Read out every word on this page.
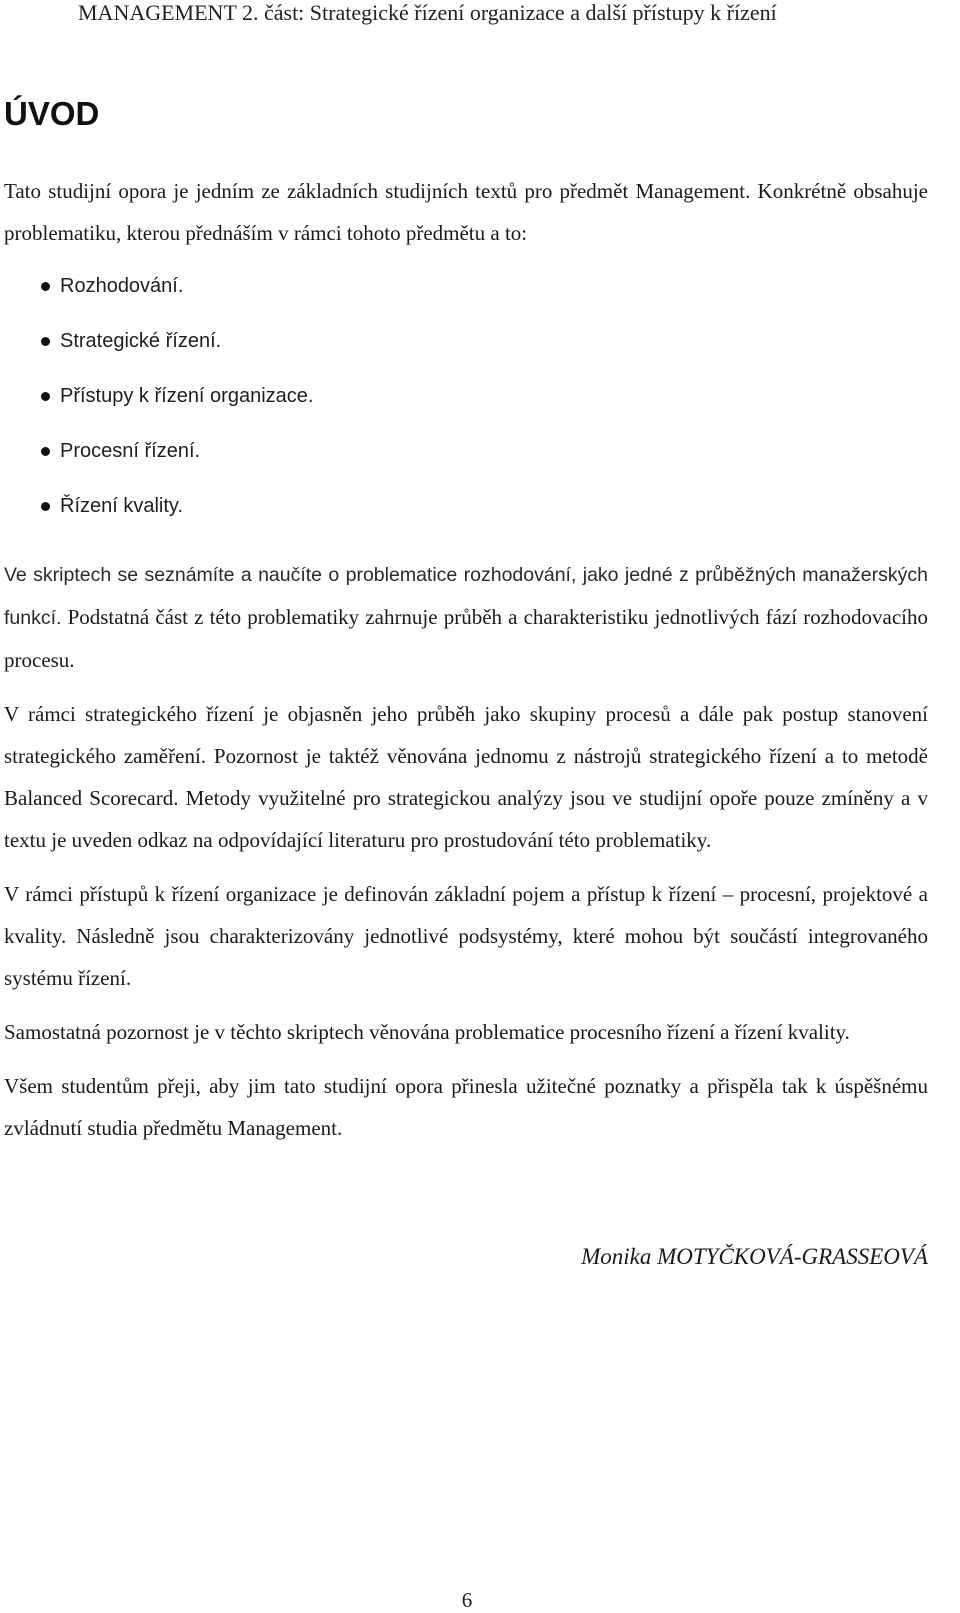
MANAGEMENT 2. část: Strategické řízení organizace a další přístupy k řízení
ÚVOD

Tato studijní opora je jedním ze základních studijních textů pro předmět Management. Konkrétně obsahuje problematiku, kterou přednáším v rámci tohoto předmětu a to:

Rozhodování.
Strategické řízení.
Přístupy k řízení organizace.
Procesní řízení.
Řízení kvality.

Ve skriptech se seznámíte a naučíte o problematice rozhodování, jako jedné z průběžných manažerských funkcí. Podstatná část z této problematiky zahrnuje průběh a charakteristiku jednotlivých fází rozhodovacího procesu.

V rámci strategického řízení je objasněn jeho průběh jako skupiny procesů a dále pak postup stanovení strategického zaměření. Pozornost je taktéž věnována jednomu z nástrojů strategického řízení a to metodě Balanced Scorecard. Metody využitelné pro strategickou analýzy jsou ve studijní opoře pouze zmíněny a v textu je uveden odkaz na odpovídající literaturu pro prostudování této problematiky.

V rámci přístupů k řízení organizace je definován základní pojem a přístup k řízení – procesní, projektové a kvality. Následně jsou charakterizovány jednotlivé podsystémy, které mohou být součástí integrovaného systému řízení.

Samostatná pozornost je v těchto skriptech věnována problematice procesního řízení a řízení kvality.

Všem studentům přeji, aby jim tato studijní opora přinesla užitečné poznatky a přispěla tak k úspěšnému zvládnutí studia předmětu Management.

Monika MOTYČKOVÁ-GRASSEOVÁ
6
